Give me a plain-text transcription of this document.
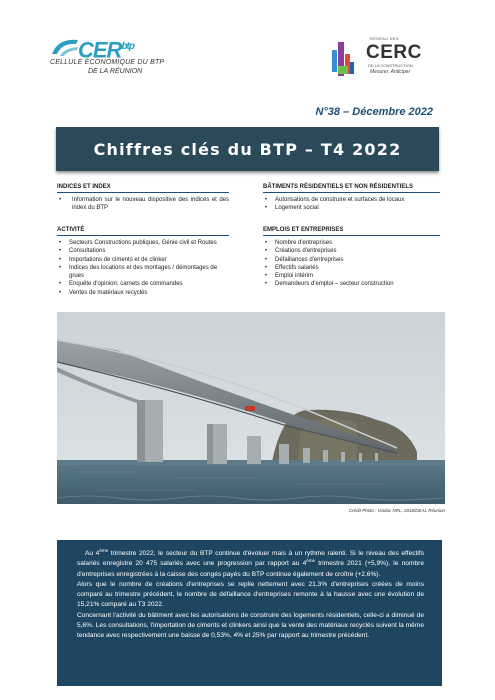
$CER^{btp}$
CELLULE ÉCONOMIQUE DU BTP
DE LA RÉUNION
RÉSEAU DES
CERC
DE LA CONSTRUCTION
Mesurer, Anticiper
N°38 – Décembre 2022
Chiffres clés du BTP – T4 2022
INDICES ET INDEX
• Information sur le nouveau dispositive des indices et des index du BTP
BÂTIMENTS RÉSIDENTIELS ET NON RÉSIDENTIELS
• Autorisations de construire et surfaces de locaux
• Logement social
ACTIVITÉ
• Secteurs Constructions publiques, Génie civil et Routes
• Consultations
• Importations de ciments et de clinker
• Indices des locations et des montages / démontages de grues
• Enquête d'opinion: carnets de commandes
• Ventes de matériaux recyclés
EMPLOIS ET ENTREPRISES
• Nombre d'entreprises
• Créations d'entreprises
• Défaillances d'entreprises
• Effectifs salariés
• Emploi intérim
• Demandeurs d'emploi – secteur construction
Crédit Photo : Viaduc NRL, 2018/DEAL Réunion

Au 4ème trimestre 2022, le secteur du BTP continue d'évoluer mais à un rythme ralenti. Si le niveau des effectifs salariés enregistre 20 475 salariés avec une progression par rapport au 4ème trimestre 2021 (+5,9%), le nombre d'entreprises enregistrées à la caisse des congés payés du BTP continue également de croître (+2,6%).

Alors que le nombre de créations d'entreprises se replie nettement avec 21,3% d'entreprises créées de moins comparé au trimestre précédent, le nombre de défaillance d'entreprises remonte à la hausse avec une évolution de 15,21% comparé au T3 2022.

Concernant l'activité du bâtiment avec les autorisations de construire des logements résidentiels, celle-ci a diminué de 5,6%. Les consultations, l'importation de ciments et clinkers ainsi que la vente des matériaux recyclés suivent la même tendance avec respectivement une baisse de 0,53%, 4% et 25% par rapport au trimestre précédent.
